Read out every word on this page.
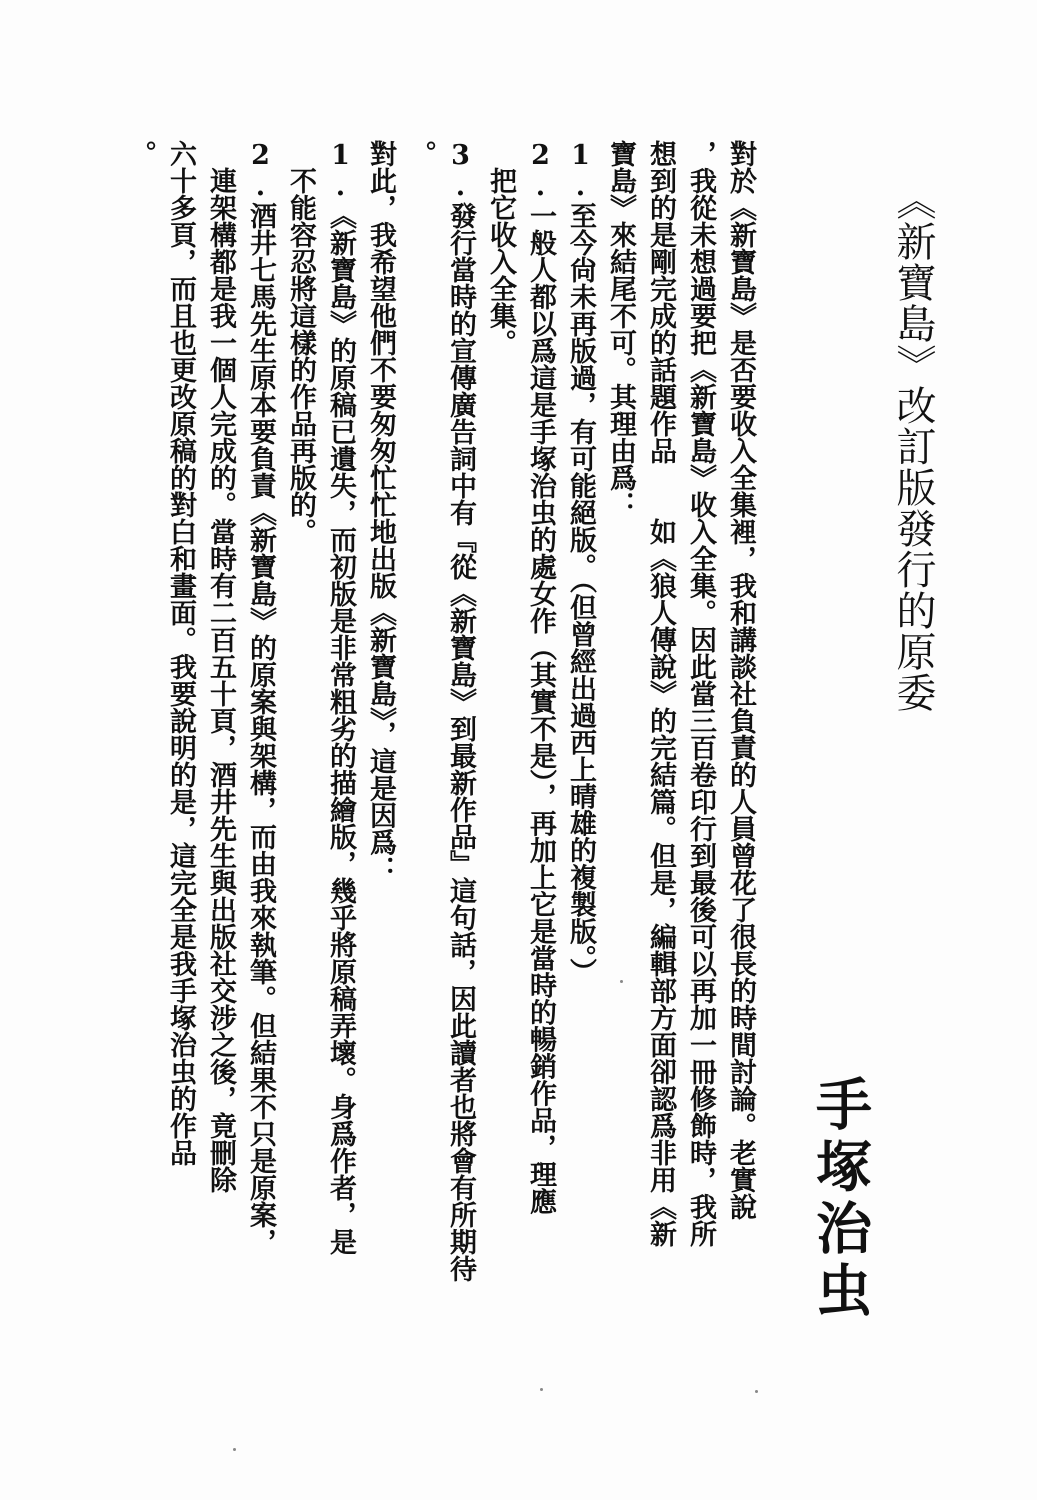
《新寶島》改訂版發行的原委
手塚治虫

對於《新寶島》是否要收入全集裡，我和講談社負責的人員曾花了很長的時間討論。老實說

，我從未想過要把《新寶島》收入全集。因此當三百卷印行到最後可以再加一冊修飾時，我所

想到的是剛完成的話題作品　　如《狼人傳說》的完結篇。但是，編輯部方面卻認爲非用《新

寶島》來結尾不可。其理由爲：

1.至今尙未再版過，有可能絕版。（但曾經出過西上晴雄的複製版。）

2.一般人都以爲這是手塚治虫的處女作（其實不是），再加上它是當時的暢銷作品，理應

　把它收入全集。

3.發行當時的宣傳廣告詞中有『從《新寶島》到最新作品』這句話，因此讀者也將會有所期待

。

對此，我希望他們不要匆匆忙忙地出版《新寶島》，這是因爲：

1.《新寶島》的原稿已遺失，而初版是非常粗劣的描繪版，幾乎將原稿弄壞。身爲作者，是

　不能容忍將這樣的作品再版的。

2.酒井七馬先生原本要負責《新寶島》的原案與架構，而由我來執筆。但結果不只是原案，

　連架構都是我一個人完成的。當時有二百五十頁，酒井先生與出版社交涉之後，竟刪除

六十多頁，而且也更改原稿的對白和畫面。我要說明的是，這完全是我手塚治虫的作品

。
